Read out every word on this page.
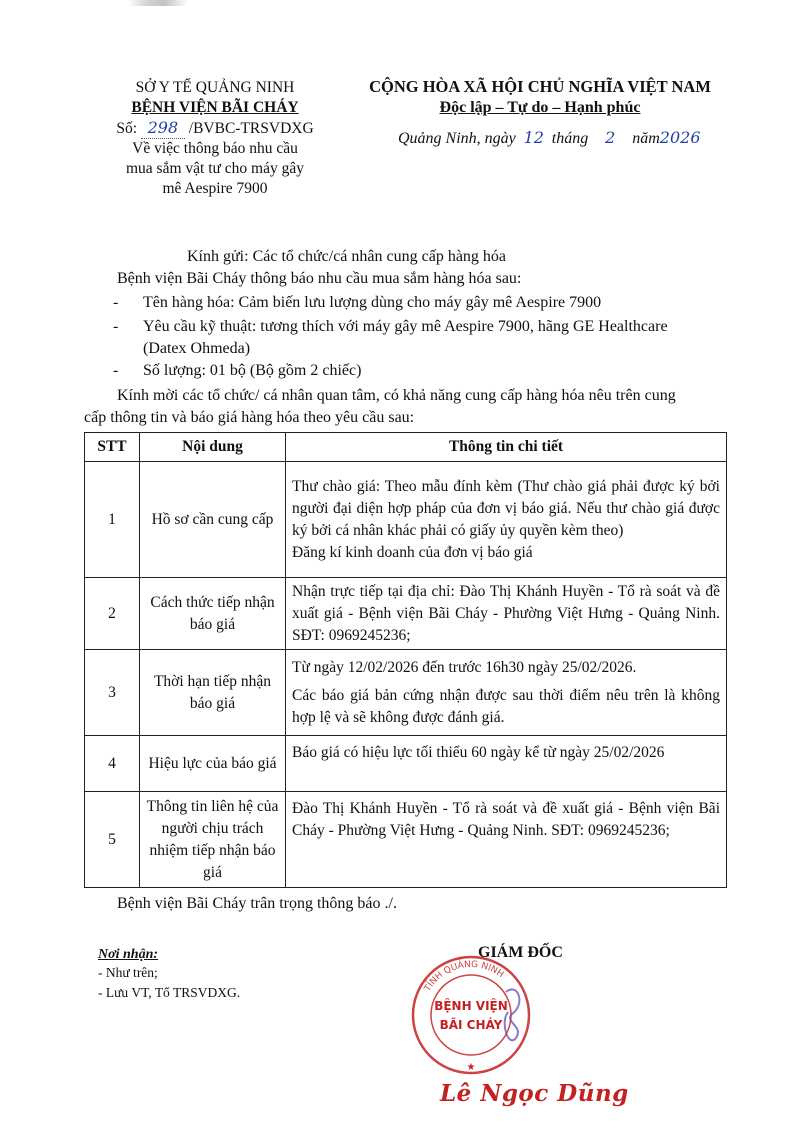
SỞ Y TẾ QUẢNG NINH
BỆNH VIỆN BÃI CHÁY
Số: 298 /BVBC-TRSVDXG
Về việc thông báo nhu cầu
mua sắm vật tư cho máy gây
mê Aespire 7900
CỘNG HÒA XÃ HỘI CHỦ NGHĨA VIỆT NAM
Độc lập – Tự do – Hạnh phúc
Quảng Ninh, ngày 12 tháng 2 năm2026
Kính gửi: Các tổ chức/cá nhân cung cấp hàng hóa
Bệnh viện Bãi Cháy thông báo nhu cầu mua sắm hàng hóa sau:
- Tên hàng hóa: Cảm biến lưu lượng dùng cho máy gây mê Aespire 7900
- Yêu cầu kỹ thuật: tương thích với máy gây mê Aespire 7900, hãng GE Healthcare
(Datex Ohmeda)
- Số lượng: 01 bộ (Bộ gồm 2 chiếc)
Kính mời các tổ chức/ cá nhân quan tâm, có khả năng cung cấp hàng hóa nêu trên cung
cấp thông tin và báo giá hàng hóa theo yêu cầu sau:
STT	Nội dung	Thông tin chi tiết
1	Hồ sơ cần cung cấp	Thư chào giá: Theo mẫu đính kèm (Thư chào giá phải được ký bởi người đại diện hợp pháp của đơn vị báo giá. Nếu thư chào giá được ký bởi cá nhân khác phải có giấy ủy quyền kèm theo)
Đăng kí kinh doanh của đơn vị báo giá

2	Cách thức tiếp nhận báo giá	Nhận trực tiếp tại địa chỉ: Đào Thị Khánh Huyền - Tổ rà soát và đề xuất giá - Bệnh viện Bãi Cháy - Phường Việt Hưng - Quảng Ninh. SĐT: 0969245236;

3	Thời hạn tiếp nhận báo giá	Từ ngày 12/02/2026 đến trước 16h30 ngày 25/02/2026.
Các báo giá bản cứng nhận được sau thời điểm nêu trên là không hợp lệ và sẽ không được đánh giá.

4	Hiệu lực của báo giá	Báo giá có hiệu lực tối thiểu 60 ngày kể từ ngày 25/02/2026

5	Thông tin liên hệ của người chịu trách nhiệm tiếp nhận báo giá	Đào Thị Khánh Huyền - Tổ rà soát và đề xuất giá - Bệnh viện Bãi Cháy - Phường Việt Hưng - Quảng Ninh. SĐT: 0969245236;
Bệnh viện Bãi Cháy trân trọng thông báo ./.
Nơi nhận:
- Như trên;
- Lưu VT, Tổ TRSVDXG.
GIÁM ĐỐC
TỈNH QUẢNG NINH
BỆNH VIỆN
BÃI CHÁY
★
Lê Ngọc Dũng
